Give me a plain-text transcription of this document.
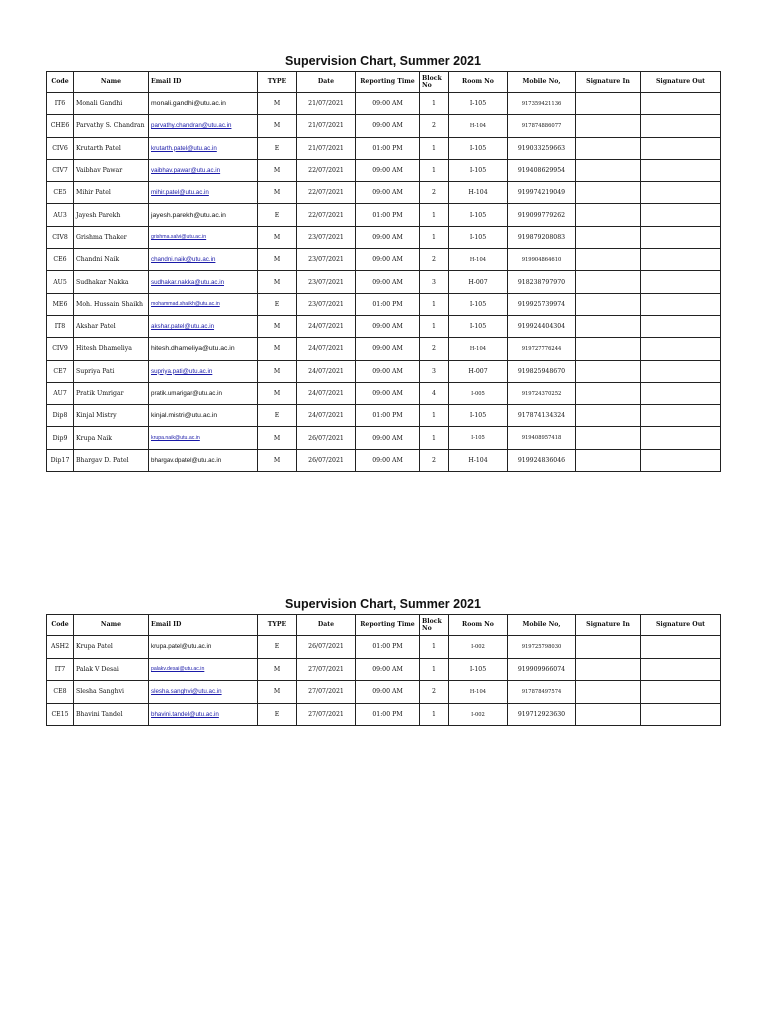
Supervision Chart, Summer 2021
Code	Name	Email ID	TYPE	Date	Reporting Time	Block No	Room No	Mobile No,	Signature In	Signature Out
IT6	Monali Gandhi	monali.gandhi@utu.ac.in	M	21/07/2021	09:00 AM	1	I-105	917359421136		
CHE6	Parvathy S. Chandran	parvathy.chandran@utu.ac.in	M	21/07/2021	09:00 AM	2	H-104	917874886077		
CIV6	Krutarth Patel	krutarth.patel@utu.ac.in	E	21/07/2021	01:00 PM	1	I-105	919033259663		
CIV7	Vaibhav Pawar	vaibhav.pawar@utu.ac.in	M	22/07/2021	09:00 AM	1	I-105	919408629954		
CE5	Mihir Patel	mihir.patel@utu.ac.in	M	22/07/2021	09:00 AM	2	H-104	919974219049		
AU3	Jayesh Parekh	jayesh.parekh@utu.ac.in	E	22/07/2021	01:00 PM	1	I-105	919099779262		
CIV8	Grishma Thaker	grishma.salvi@utu.ac.in	M	23/07/2021	09:00 AM	1	I-105	919879208083		
CE6	Chandni Naik	chandni.naik@utu.ac.in	M	23/07/2021	09:00 AM	2	H-104	919904864610		
AU5	Sudhakar Nakka	sudhakar.nakka@utu.ac.in	M	23/07/2021	09:00 AM	3	H-007	918238797970		
ME6	Moh. Hussain Shaikh	mohammad.shaikh@utu.ac.in	E	23/07/2021	01:00 PM	1	I-105	919925739974		
IT8	Akshar Patel	akshar.patel@utu.ac.in	M	24/07/2021	09:00 AM	1	I-105	919924404304		
CIV9	Hitesh Dhameliya	hitesh.dhameliya@utu.ac.in	M	24/07/2021	09:00 AM	2	H-104	919727776244		
CE7	Supriya Pati	supriya.pati@utu.ac.in	M	24/07/2021	09:00 AM	3	H-007	919825948670		
AU7	Pratik Umrigar	pratik.umarigar@utu.ac.in	M	24/07/2021	09:00 AM	4	I-005	919724370252		
Dip8	Kinjal Mistry	kinjal.mistri@utu.ac.in	E	24/07/2021	01:00 PM	1	I-105	917874134324		
Dip9	Krupa Naik	krupa.naik@utu.ac.in	M	26/07/2021	09:00 AM	1	I-105	919408957418		
Dip17	Bhargav D. Patel	bhargav.dpatel@utu.ac.in	M	26/07/2021	09:00 AM	2	H-104	919924836046		
Supervision Chart, Summer 2021
Code	Name	Email ID	TYPE	Date	Reporting Time	Block No	Room No	Mobile No,	Signature In	Signature Out
ASH2	Krupa Patel	krupa.patel@utu.ac.in	E	26/07/2021	01:00 PM	1	I-002	919725798030		
IT7	Palak V Desai	palakv.desai@utu.ac.in	M	27/07/2021	09:00 AM	1	I-105	919909966074		
CE8	Slesha Sanghvi	slesha.sanghvi@utu.ac.in	M	27/07/2021	09:00 AM	2	H-104	917878497574		
CE15	Bhavini Tandel	bhavini.tandel@utu.ac.in	E	27/07/2021	01:00 PM	1	I-002	919712923630		
